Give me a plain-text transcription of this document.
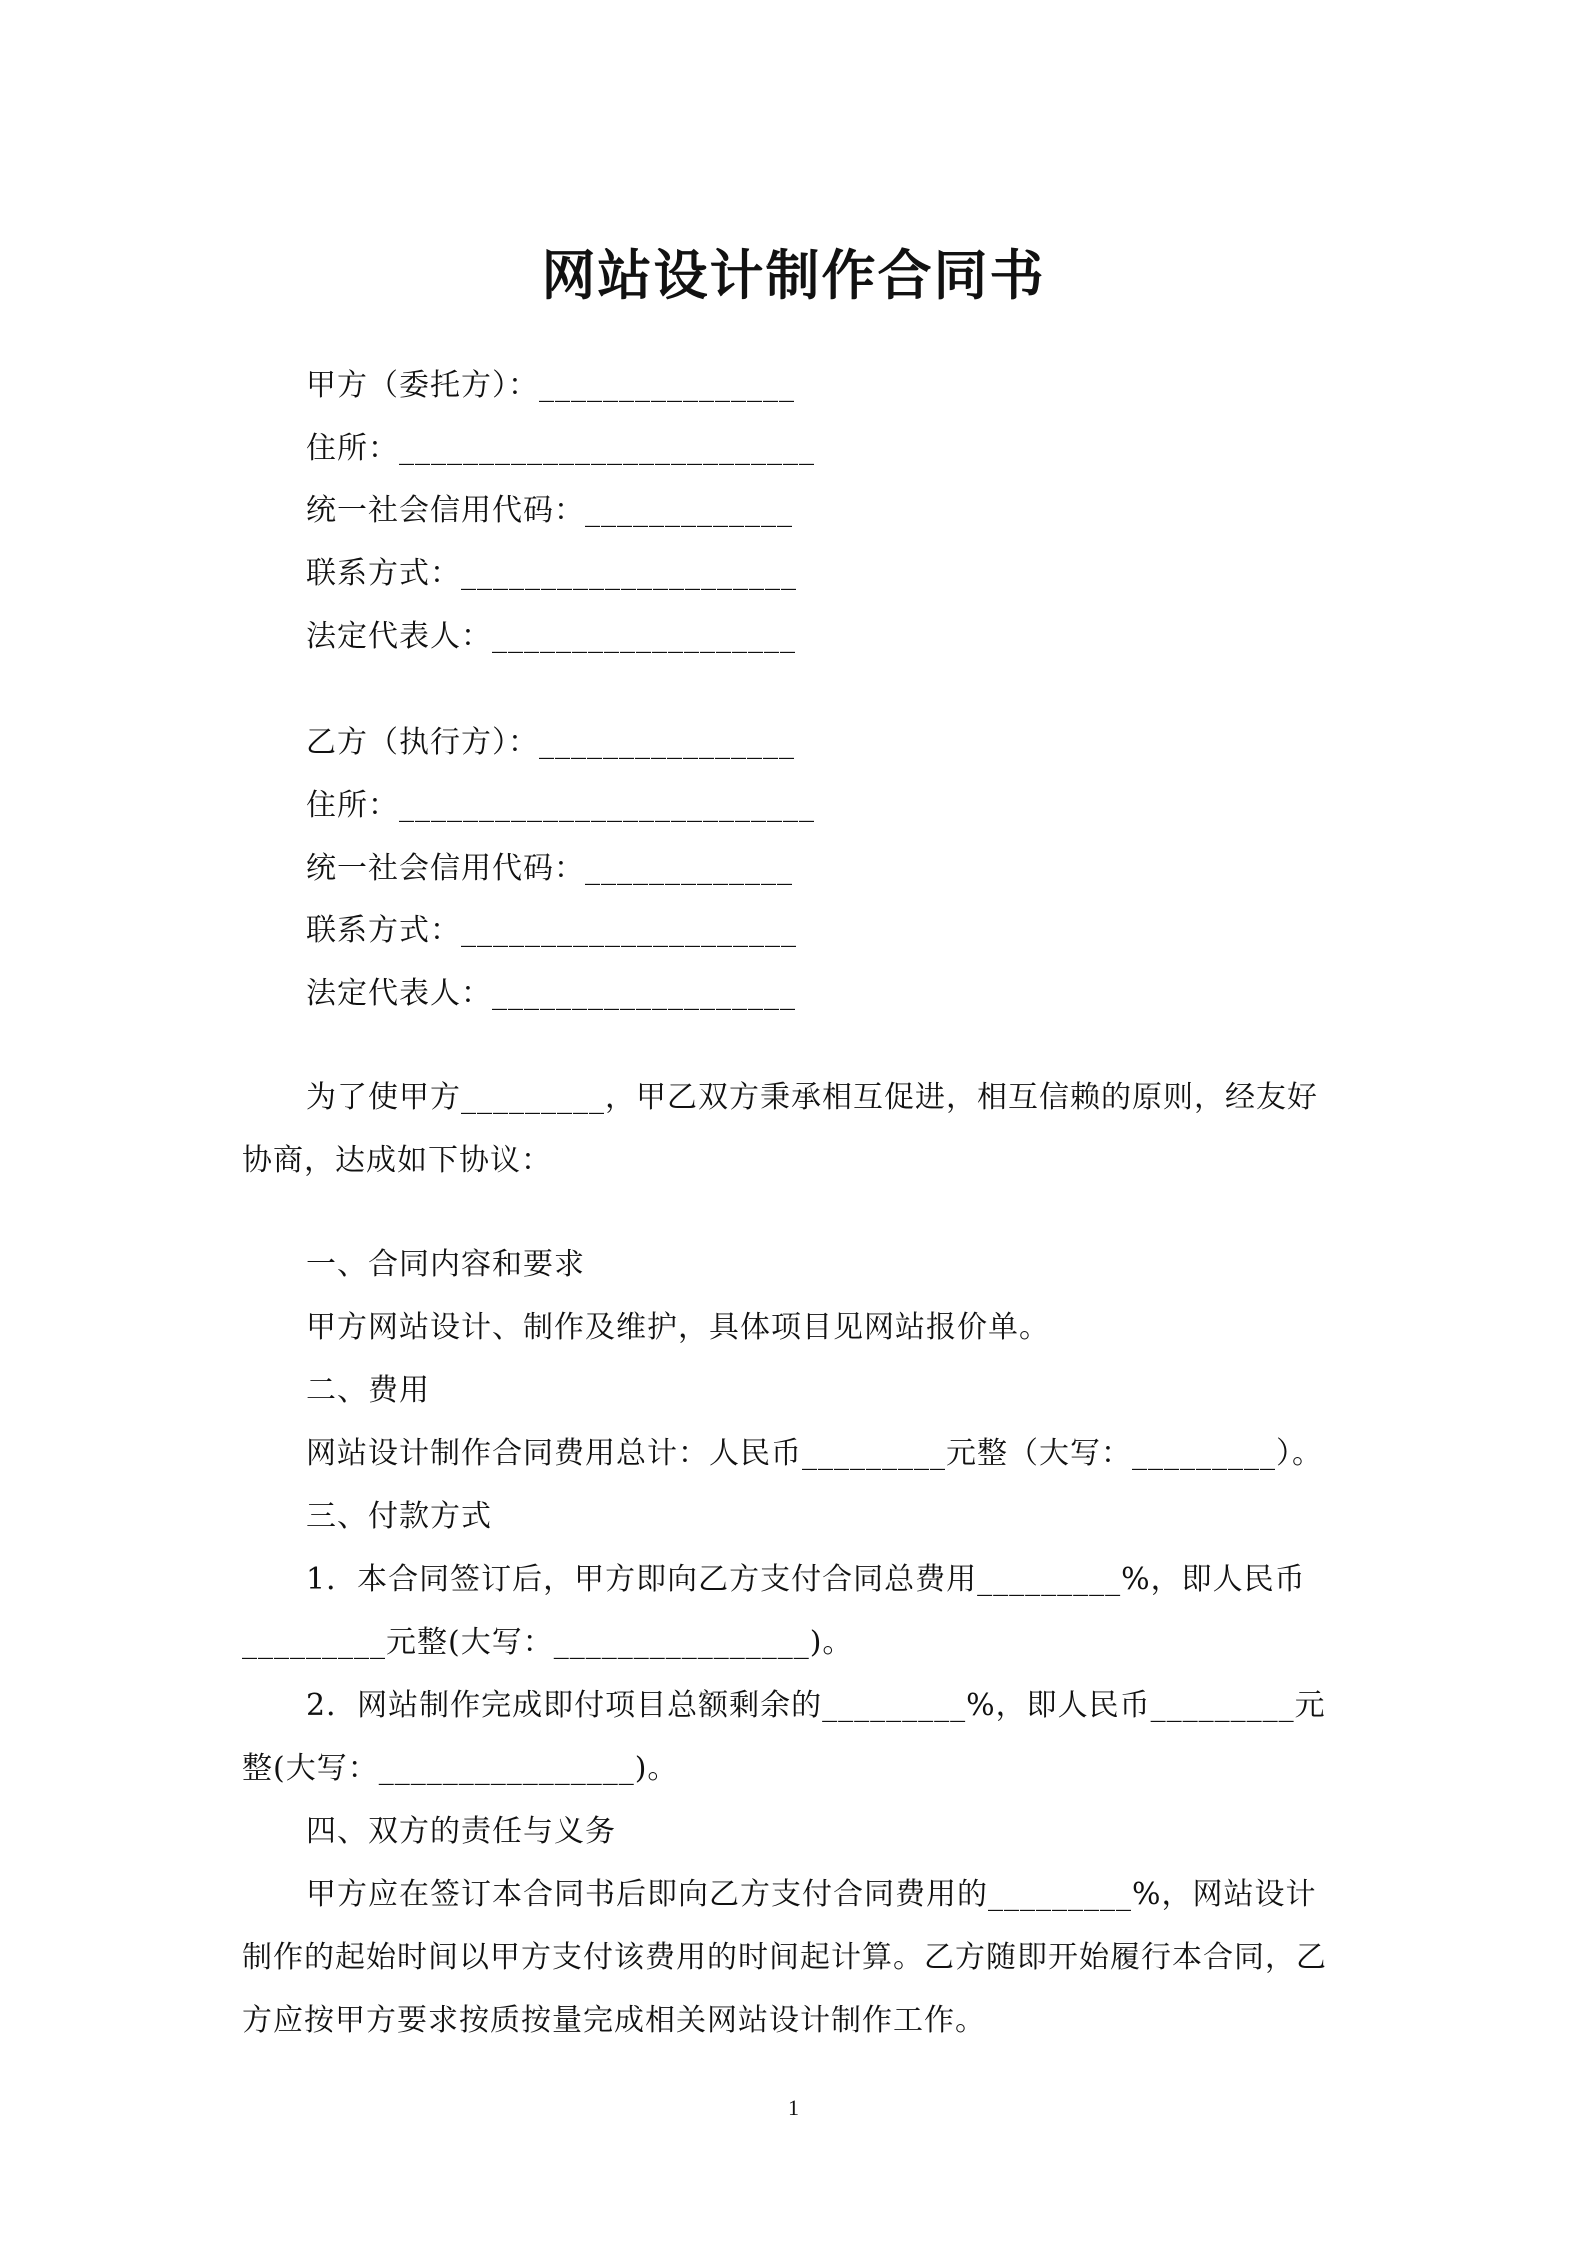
网站设计制作合同书
甲方（委托方）：________________
住所：__________________________
统一社会信用代码：_____________
联系方式：_____________________
法定代表人：___________________
乙方（执行方）：________________
住所：__________________________
统一社会信用代码：_____________
联系方式：_____________________
法定代表人：___________________
为了使甲方_________，甲乙双方秉承相互促进，相互信赖的原则，经友好
协商，达成如下协议：
一、合同内容和要求
甲方网站设计、制作及维护，具体项目见网站报价单。
二、费用
网站设计制作合同费用总计：人民币_________元整（大写：_________）。
三、付款方式
1．本合同签订后，甲方即向乙方支付合同总费用_________%，即人民币
_________元整(大写：________________)。
2．网站制作完成即付项目总额剩余的_________%，即人民币_________元
整(大写：________________)。
四、双方的责任与义务
甲方应在签订本合同书后即向乙方支付合同费用的_________%，网站设计
制作的起始时间以甲方支付该费用的时间起计算。乙方随即开始履行本合同，乙
方应按甲方要求按质按量完成相关网站设计制作工作。
1
